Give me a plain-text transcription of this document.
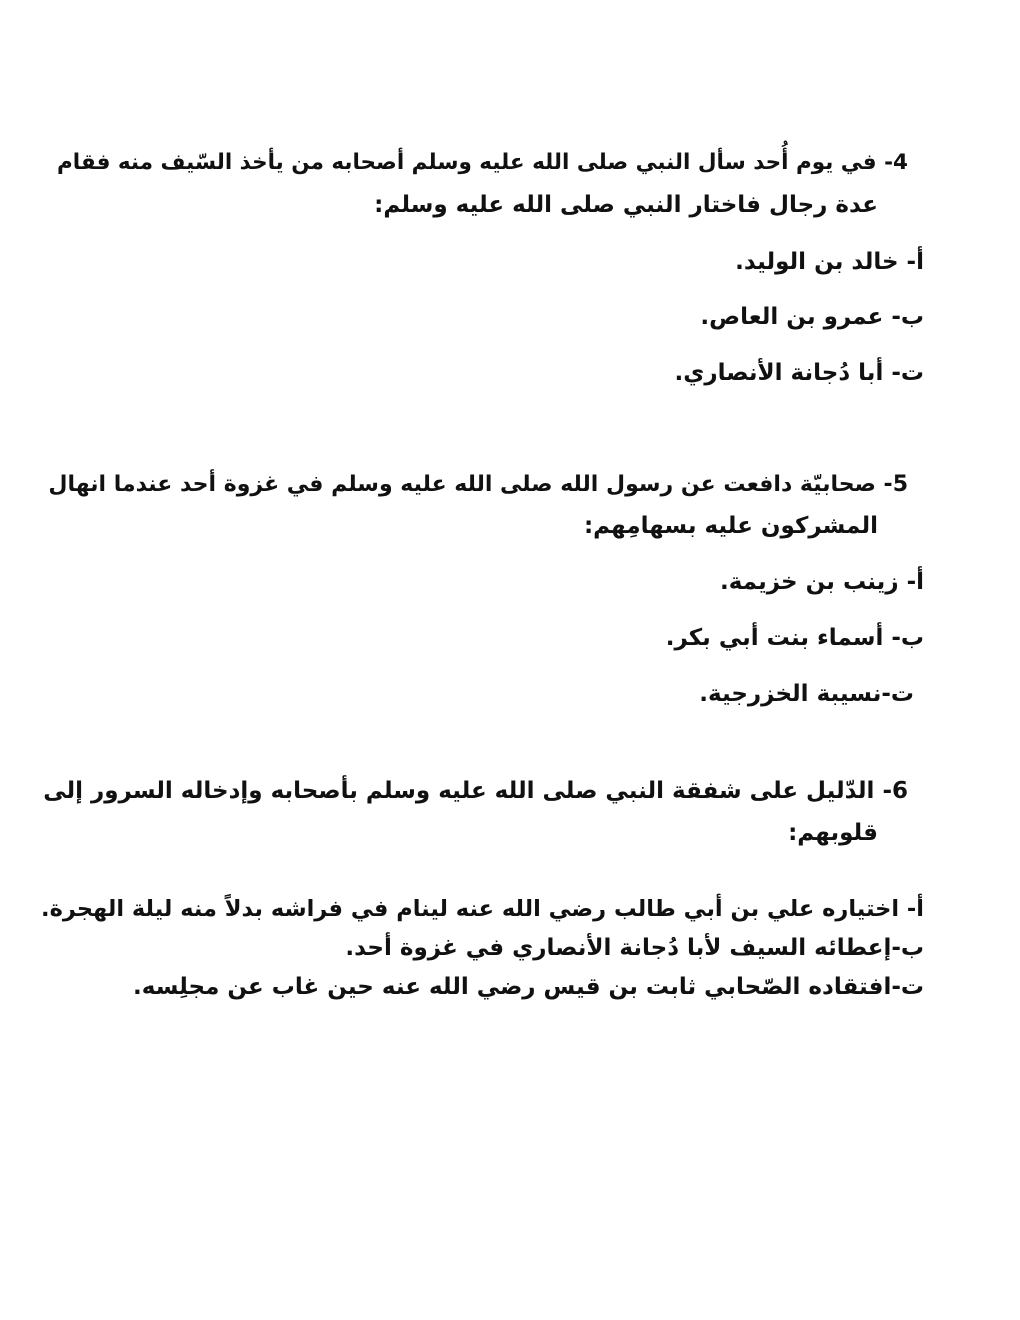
4- في يوم أُحد سأل النبي صلى الله عليه وسلم أصحابه من يأخذ السّيف منه فقام

عدة رجال فاختار النبي صلى الله عليه وسلم:

أ- خالد بن الوليد.

ب- عمرو بن العاص.

ت- أبا دُجانة الأنصاري.

5- صحابيّة دافعت عن رسول الله صلى الله عليه وسلم في غزوة أحد عندما انهال

المشركون عليه بسهامِهم:

أ- زينب بن خزيمة.

ب- أسماء بنت أبي بكر.

ت-نسيبة الخزرجية.

6- الدّليل على شفقة النبي صلى الله عليه وسلم بأصحابه وإدخاله السرور إلى

قلوبهم:

أ- اختياره علي بن أبي طالب رضي الله عنه لينام في فراشه بدلاً منه ليلة الهجرة.

ب-إعطائه السيف لأبا دُجانة الأنصاري في غزوة أحد.

ت-افتقاده الصّحابي ثابت بن قيس رضي الله عنه حين غاب عن مجلِسه.
